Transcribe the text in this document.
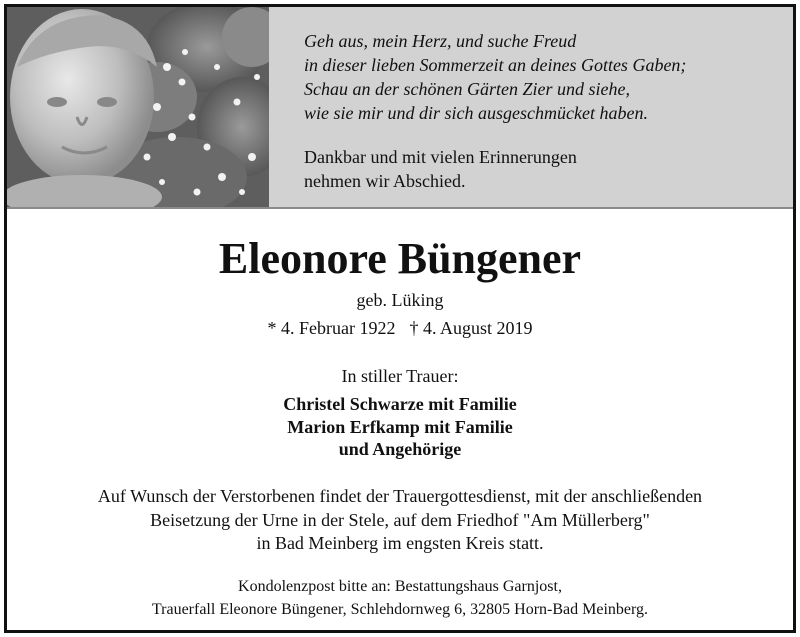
Geh aus, mein Herz, und suche Freud
in dieser lieben Sommerzeit an deines Gottes Gaben;
Schau an der schönen Gärten Zier und siehe,
wie sie mir und dir sich ausgeschmücket haben.
Dankbar und mit vielen Erinnerungen
nehmen wir Abschied.
Eleonore Büngener
geb. Lüking
* 4. Februar 1922 † 4. August 2019
In stiller Trauer:
Christel Schwarze mit Familie
Marion Erfkamp mit Familie
und Angehörige
Auf Wunsch der Verstorbenen findet der Trauergottesdienst, mit der anschließenden
Beisetzung der Urne in der Stele, auf dem Friedhof "Am Müllerberg"
in Bad Meinberg im engsten Kreis statt.
Kondolenzpost bitte an: Bestattungshaus Garnjost,
Trauerfall Eleonore Büngener, Schlehdornweg 6, 32805 Horn-Bad Meinberg.
